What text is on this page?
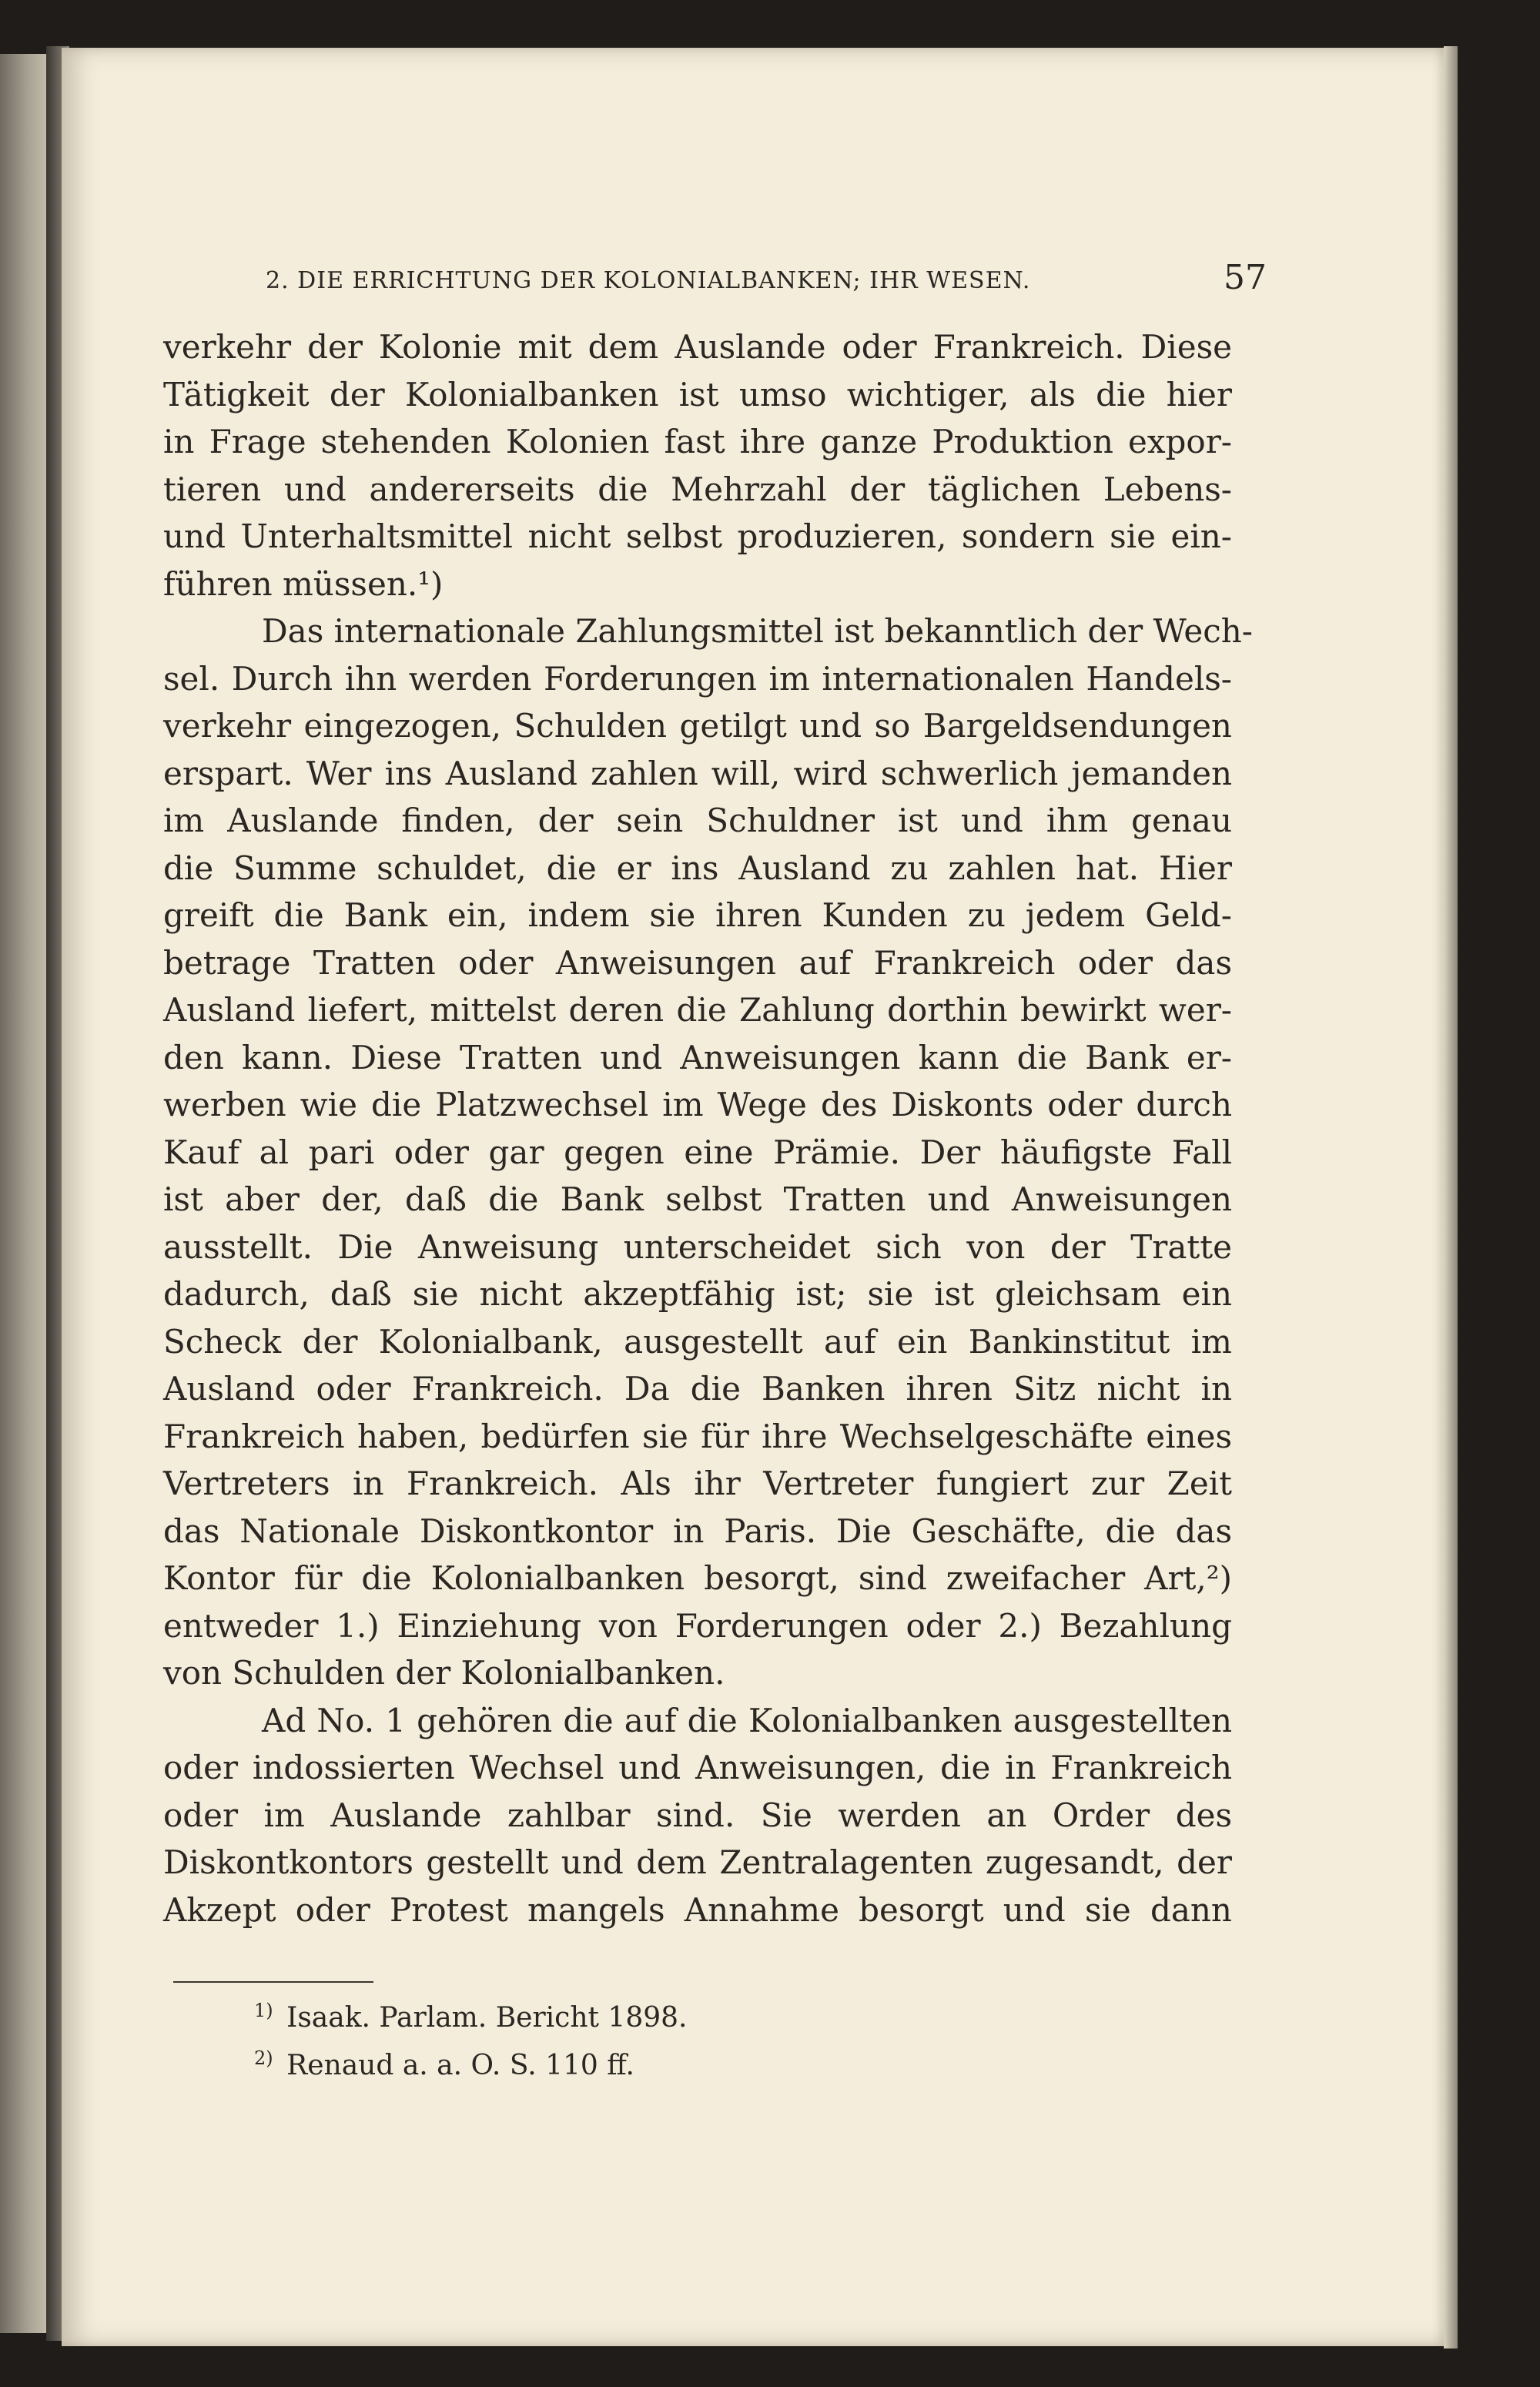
2. DIE ERRICHTUNG DER KOLONIALBANKEN; IHR WESEN.	57
verkehr der Kolonie mit dem Auslande oder Frankreich. Diese
Tätigkeit der Kolonialbanken ist umso wichtiger, als die hier
in Frage stehenden Kolonien fast ihre ganze Produktion expor-
tieren und andererseits die Mehrzahl der täglichen Lebens-
und Unterhaltsmittel nicht selbst produzieren, sondern sie ein-
führen müssen.¹)
Das internationale Zahlungsmittel ist bekanntlich der Wech-
sel. Durch ihn werden Forderungen im internationalen Handels-
verkehr eingezogen, Schulden getilgt und so Bargeldsendungen
erspart. Wer ins Ausland zahlen will, wird schwerlich jemanden
im Auslande finden, der sein Schuldner ist und ihm genau
die Summe schuldet, die er ins Ausland zu zahlen hat. Hier
greift die Bank ein, indem sie ihren Kunden zu jedem Geld-
betrage Tratten oder Anweisungen auf Frankreich oder das
Ausland liefert, mittelst deren die Zahlung dorthin bewirkt wer-
den kann. Diese Tratten und Anweisungen kann die Bank er-
werben wie die Platzwechsel im Wege des Diskonts oder durch
Kauf al pari oder gar gegen eine Prämie. Der häufigste Fall
ist aber der, daß die Bank selbst Tratten und Anweisungen
ausstellt. Die Anweisung unterscheidet sich von der Tratte
dadurch, daß sie nicht akzeptfähig ist; sie ist gleichsam ein
Scheck der Kolonialbank, ausgestellt auf ein Bankinstitut im
Ausland oder Frankreich. Da die Banken ihren Sitz nicht in
Frankreich haben, bedürfen sie für ihre Wechselgeschäfte eines
Vertreters in Frankreich. Als ihr Vertreter fungiert zur Zeit
das Nationale Diskontkontor in Paris. Die Geschäfte, die das
Kontor für die Kolonialbanken besorgt, sind zweifacher Art,²)
entweder 1.) Einziehung von Forderungen oder 2.) Bezahlung
von Schulden der Kolonialbanken.
Ad No. 1 gehören die auf die Kolonialbanken ausgestellten
oder indossierten Wechsel und Anweisungen, die in Frankreich
oder im Auslande zahlbar sind. Sie werden an Order des
Diskontkontors gestellt und dem Zentralagenten zugesandt, der
Akzept oder Protest mangels Annahme besorgt und sie dann
$^{1)}$ Isaak. Parlam. Bericht 1898.
$^{2)}$ Renaud a. a. O. S. 110 ff.
